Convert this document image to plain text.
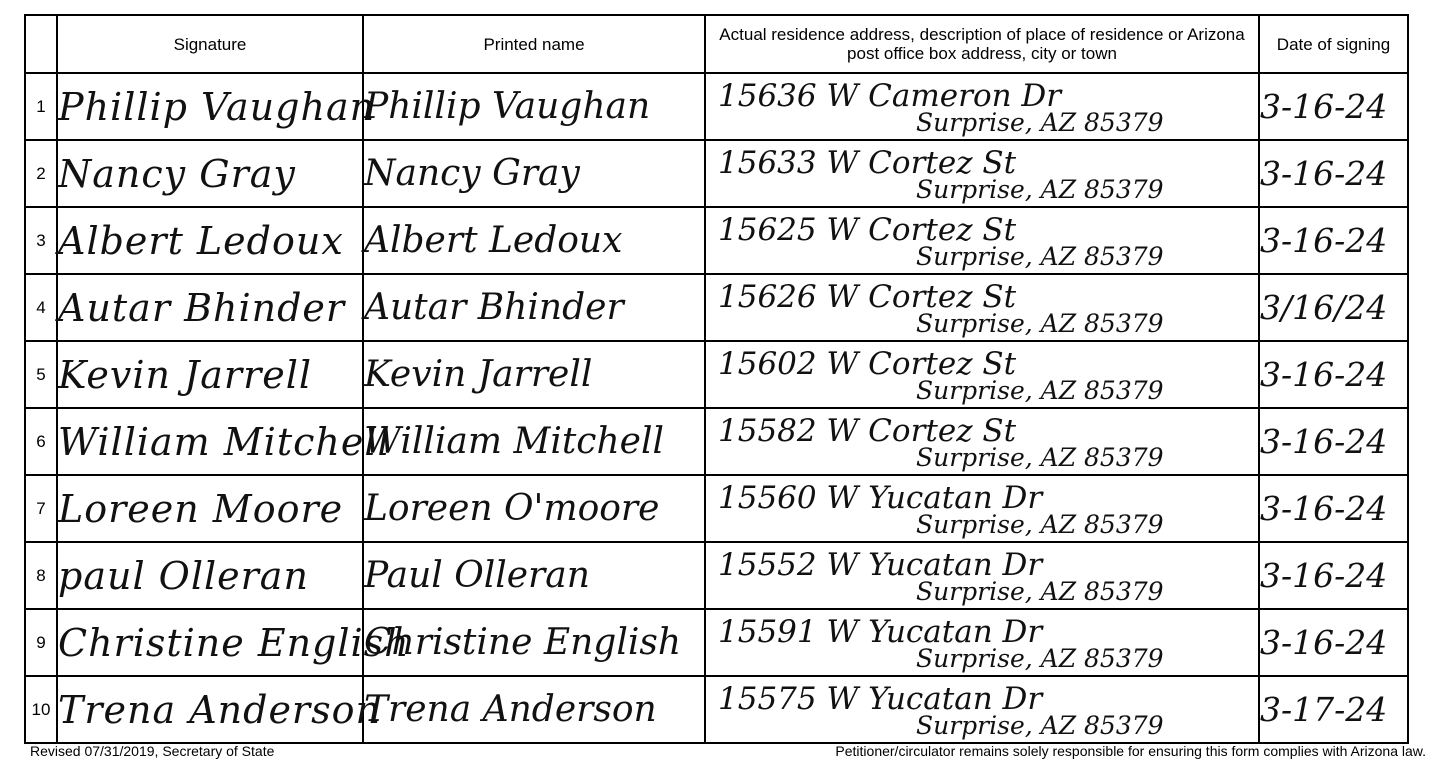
	Signature	Printed name	Actual residence address, description of place of residence or Arizona post office box address, city or town	Date of signing
1	Phillip Vaughan	Phillip Vaughan	15636 W Cameron Dr
Surprise, AZ 85379	3-16-24
2	Nancy Gray	Nancy Gray	15633 W Cortez St
Surprise, AZ 85379	3-16-24
3	Albert Ledoux	Albert Ledoux	15625 W Cortez St
Surprise, AZ 85379	3-16-24
4	Autar Bhinder	Autar Bhinder	15626 W Cortez St
Surprise, AZ 85379	3/16/24
5	Kevin Jarrell	Kevin Jarrell	15602 W Cortez St
Surprise, AZ 85379	3-16-24
6	William Mitchell	William Mitchell	15582 W Cortez St
Surprise, AZ 85379	3-16-24
7	Loreen Moore	Loreen O'moore	15560 W Yucatan Dr
Surprise, AZ 85379	3-16-24
8	paul Olleran	Paul Olleran	15552 W Yucatan Dr
Surprise, AZ 85379	3-16-24
9	Christine English	Christine English	15591 W Yucatan Dr
Surprise, AZ 85379	3-16-24
10	Trena Anderson	Trena Anderson	15575 W Yucatan Dr
Surprise, AZ 85379	3-17-24
Revised 07/31/2019, Secretary of State	Petitioner/circulator remains solely responsible for ensuring this form complies with Arizona law.
